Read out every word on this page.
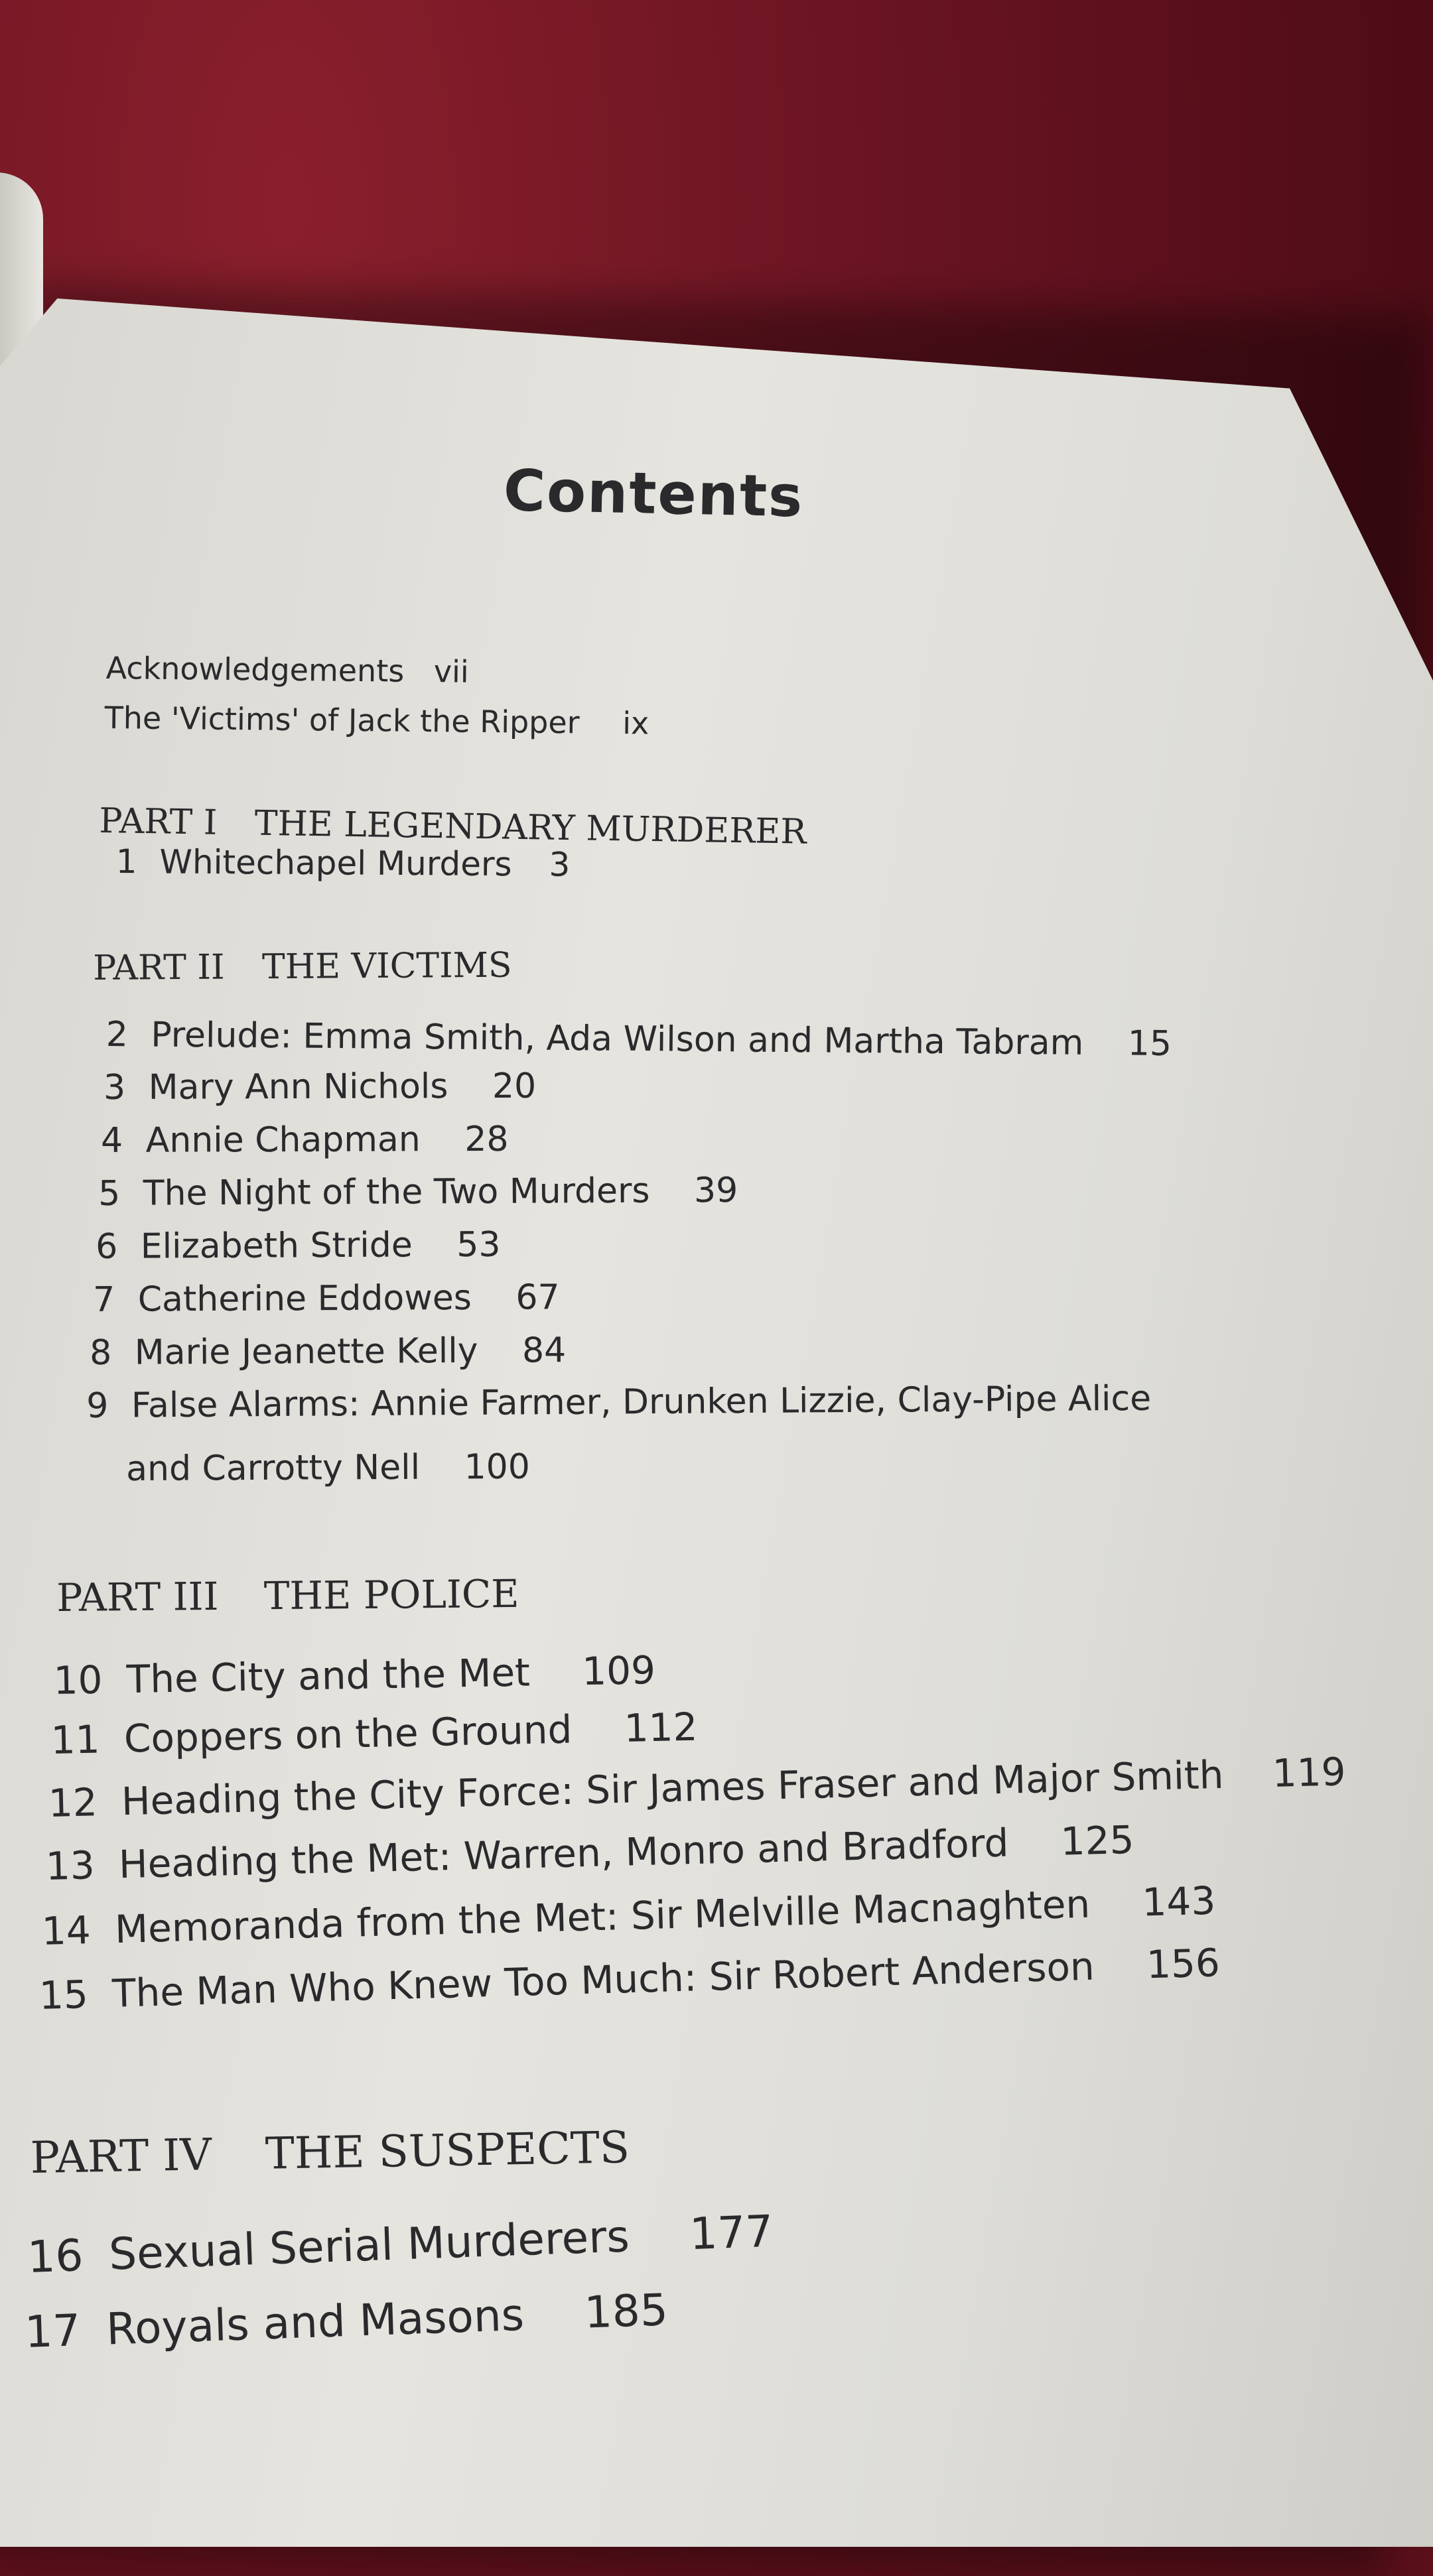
Contents
Acknowledgements vii
The 'Victims' of Jack the Ripper ix
PART I THE LEGENDARY MURDERER
1 Whitechapel Murders 3
PART II THE VICTIMS
2 Prelude: Emma Smith, Ada Wilson and Martha Tabram 15
3 Mary Ann Nichols 20
4 Annie Chapman 28
5 The Night of the Two Murders 39
6 Elizabeth Stride 53
7 Catherine Eddowes 67
8 Marie Jeanette Kelly 84
9 False Alarms: Annie Farmer, Drunken Lizzie, Clay-Pipe Alice
and Carrotty Nell 100
PART III THE POLICE
10 The City and the Met 109
11 Coppers on the Ground 112
12 Heading the City Force: Sir James Fraser and Major Smith 119
13 Heading the Met: Warren, Monro and Bradford 125
14 Memoranda from the Met: Sir Melville Macnaghten 143
15 The Man Who Knew Too Much: Sir Robert Anderson 156
PART IV THE SUSPECTS
16 Sexual Serial Murderers 177
17 Royals and Masons 185
